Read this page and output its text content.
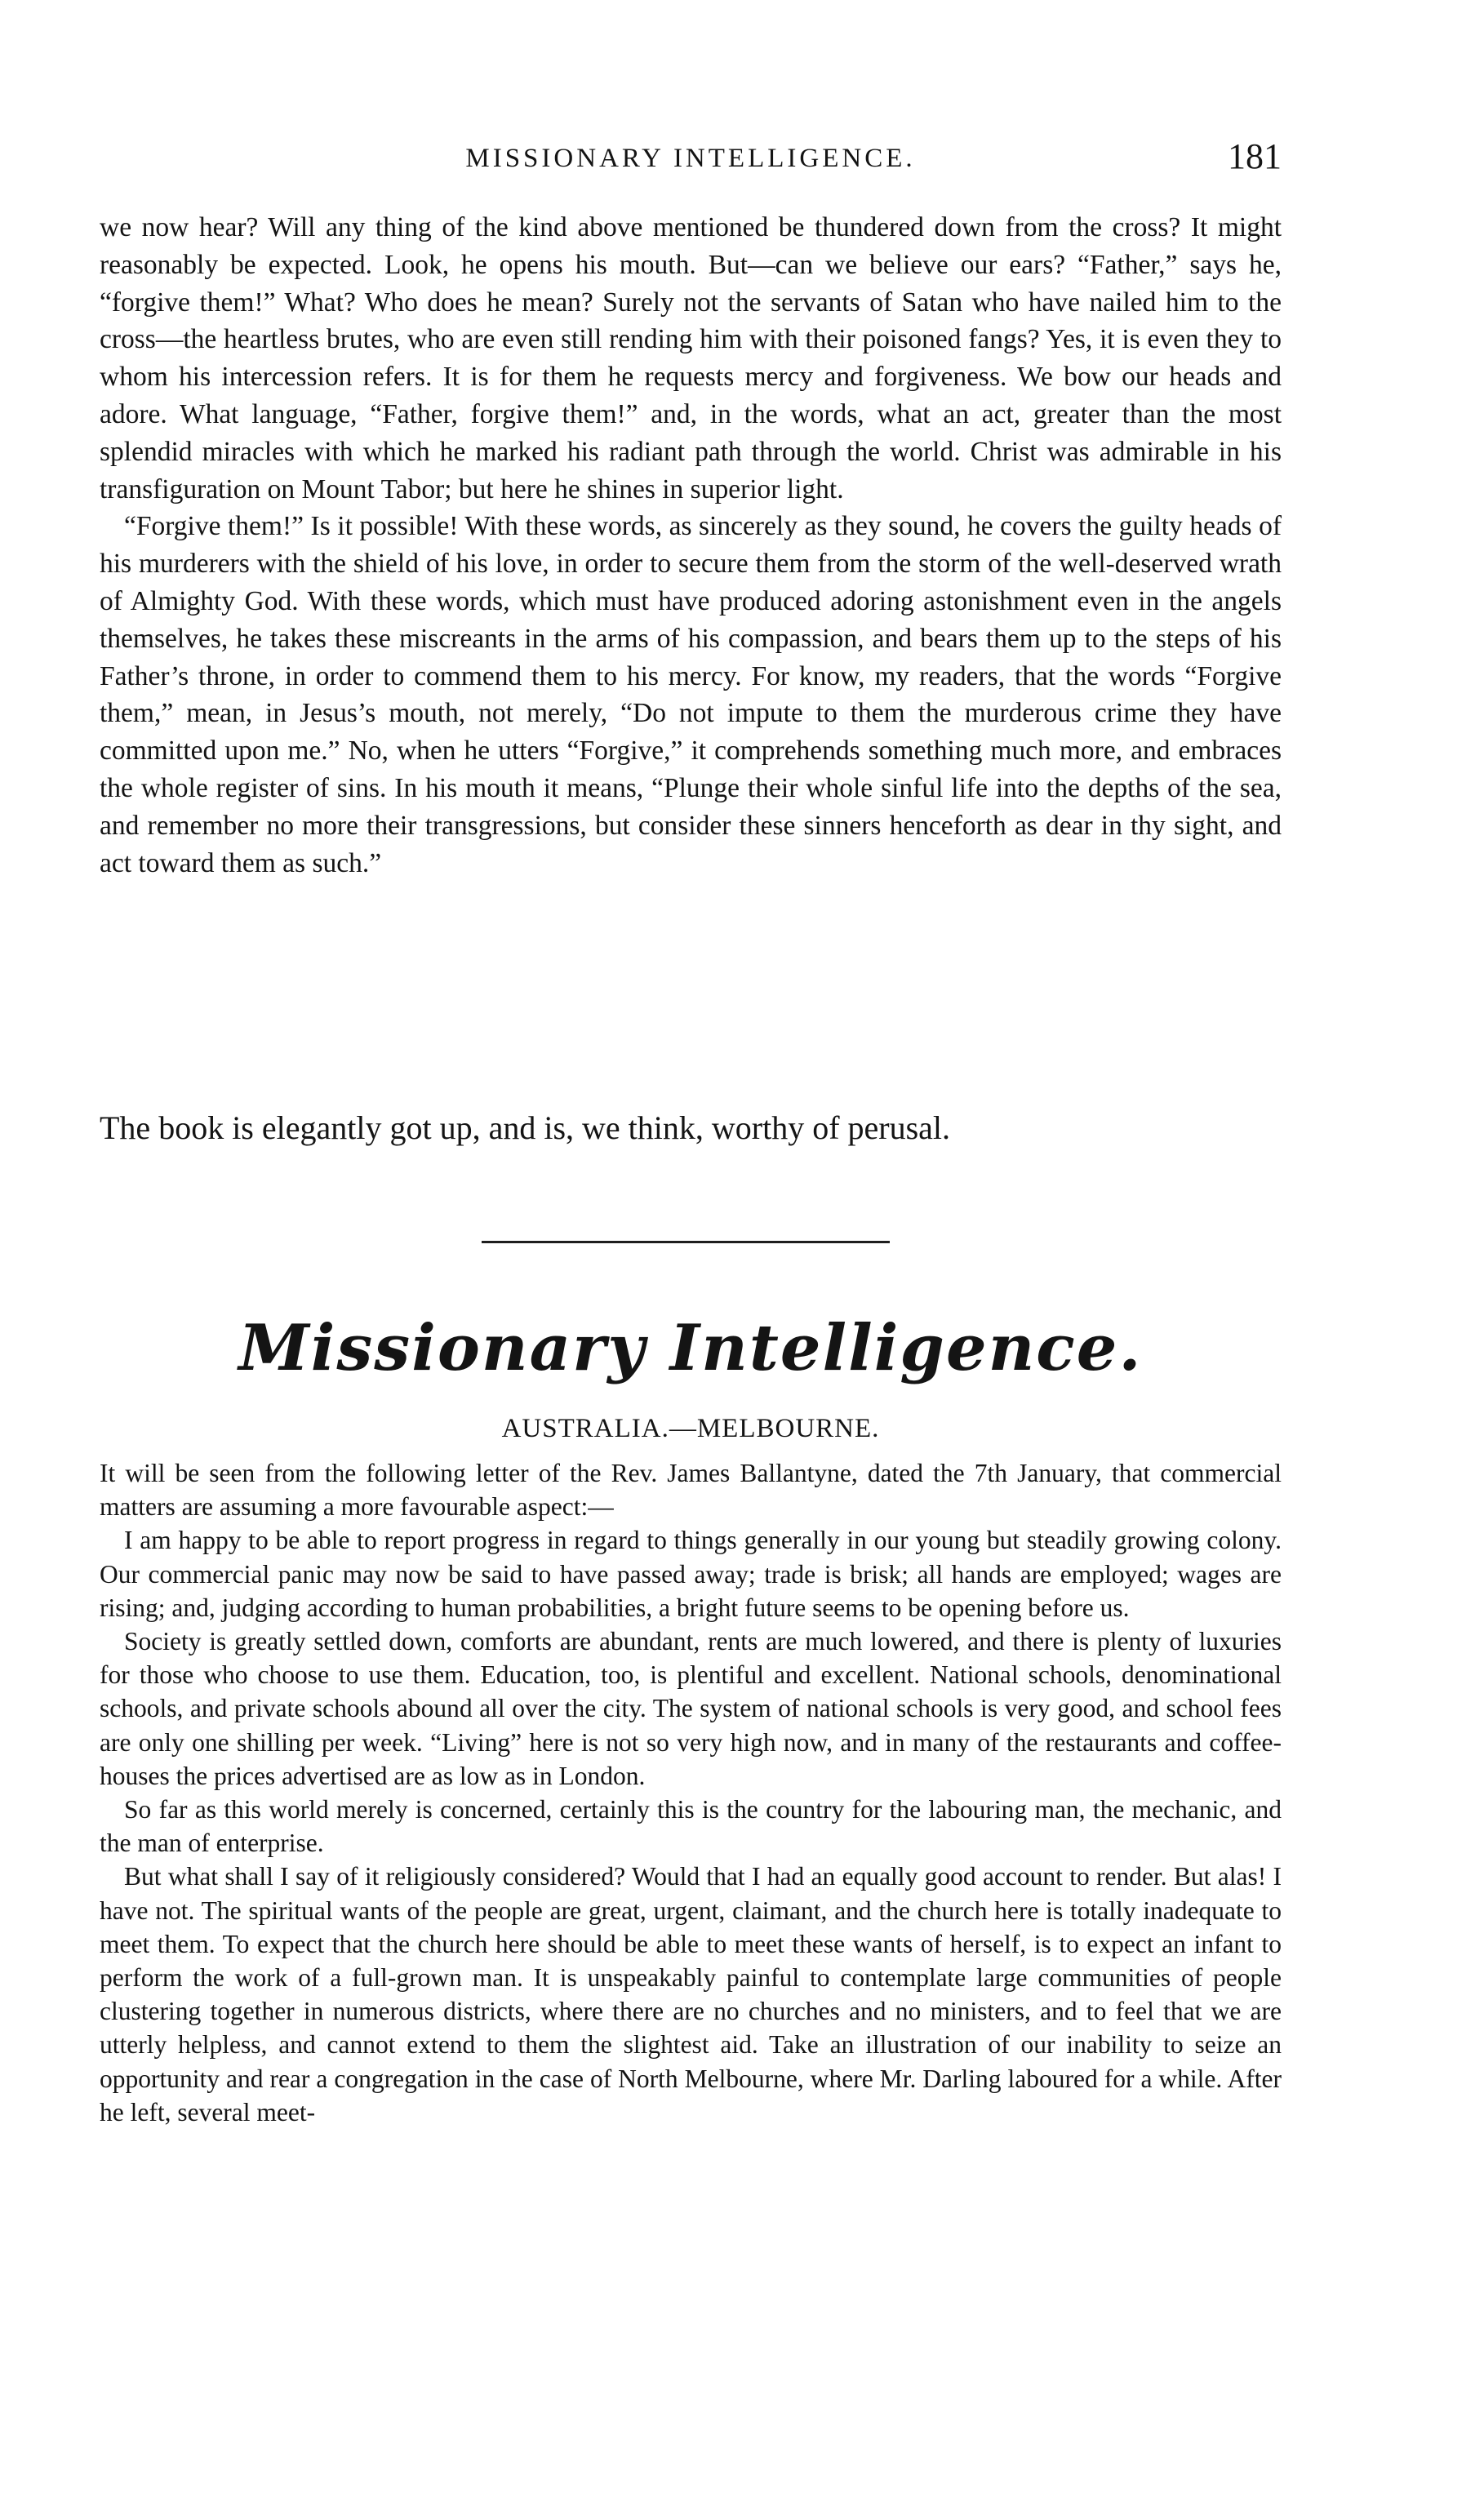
MISSIONARY INTELLIGENCE.	181

we now hear? Will any thing of the kind above mentioned be thundered down from the cross? It might reasonably be expected. Look, he opens his mouth. But—can we believe our ears? “Father,” says he, “forgive them!” What? Who does he mean? Surely not the servants of Satan who have nailed him to the cross—the heartless brutes, who are even still rending him with their poisoned fangs? Yes, it is even they to whom his intercession refers. It is for them he requests mercy and forgiveness. We bow our heads and adore. What language, “Father, forgive them!” and, in the words, what an act, greater than the most splendid miracles with which he marked his radiant path through the world. Christ was admirable in his transfiguration on Mount Tabor; but here he shines in superior light.

“Forgive them!” Is it possible! With these words, as sincerely as they sound, he covers the guilty heads of his murderers with the shield of his love, in order to secure them from the storm of the well-deserved wrath of Almighty God. With these words, which must have produced adoring astonishment even in the angels themselves, he takes these miscreants in the arms of his compassion, and bears them up to the steps of his Father’s throne, in order to commend them to his mercy. For know, my readers, that the words “Forgive them,” mean, in Jesus’s mouth, not merely, “Do not impute to them the murderous crime they have committed upon me.” No, when he utters “Forgive,” it comprehends something much more, and embraces the whole register of sins. In his mouth it means, “Plunge their whole sinful life into the depths of the sea, and remember no more their transgressions, but consider these sinners henceforth as dear in thy sight, and act toward them as such.”

The book is elegantly got up, and is, we think, worthy of perusal.
Missionary Intelligence.
AUSTRALIA.—MELBOURNE.

It will be seen from the following letter of the Rev. James Ballantyne, dated the 7th January, that commercial matters are assuming a more favourable aspect:—

I am happy to be able to report progress in regard to things generally in our young but steadily growing colony. Our commercial panic may now be said to have passed away; trade is brisk; all hands are employed; wages are rising; and, judging according to human probabilities, a bright future seems to be opening before us.

Society is greatly settled down, comforts are abundant, rents are much lowered, and there is plenty of luxuries for those who choose to use them. Education, too, is plentiful and excellent. National schools, denominational schools, and private schools abound all over the city. The system of national schools is very good, and school fees are only one shilling per week. “Living” here is not so very high now, and in many of the restaurants and coffee-houses the prices advertised are as low as in London.

So far as this world merely is concerned, certainly this is the country for the labouring man, the mechanic, and the man of enterprise.

But what shall I say of it religiously considered? Would that I had an equally good account to render. But alas! I have not. The spiritual wants of the people are great, urgent, claimant, and the church here is totally inadequate to meet them. To expect that the church here should be able to meet these wants of herself, is to expect an infant to perform the work of a full-grown man. It is unspeakably painful to contemplate large communities of people clustering together in numerous districts, where there are no churches and no ministers, and to feel that we are utterly helpless, and cannot extend to them the slightest aid. Take an illustration of our inability to seize an opportunity and rear a congregation in the case of North Melbourne, where Mr. Darling laboured for a while. After he left, several meet-
